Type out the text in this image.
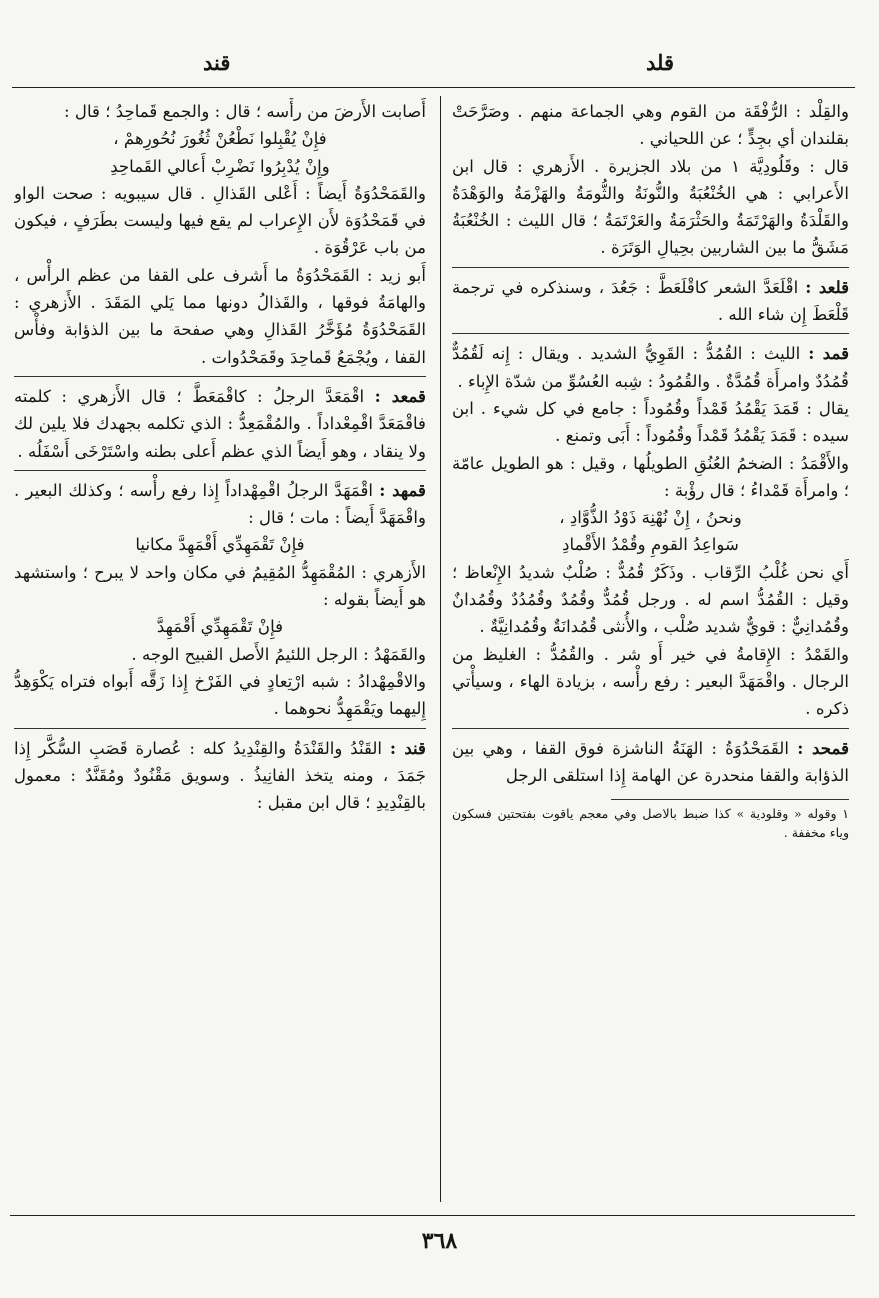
قلد
قند

والقِلْد : الرُّفْقَة من القوم وهي الجماعة منهم . وصَرَّحَتْ بقلندان أي بجِدٍّ ؛ عن اللحياني .

قال : وقَلُودِيَّة ١ من بلاد الجزيرة . الأَزهري : قال ابن الأَعرابي : هي الخُنْعُبَةُ والنُّونَةُ والثُّومَةُ والهَزْمَةُ والوَهْدَةُ والقَلْدَةُ والهَرْتَمَةُ والحَثْرَمَةُ والعَرْتَمَةُ ؛ قال الليث : الخُنْعُبَةُ مَشَقُّ ما بين الشاربين بحِيالِ الوَتَرَة .

قلعد : اقْلَعَدَّ الشعر كاقْلَعَطَّ : جَعُدَ ، وسنذكره في ترجمة قَلْعَطَ إِن شاء الله .

قمد : الليث : القُمُدُّ : القَوِيُّ الشديد . ويقال : إِنه لَقُمُدٌّ قُمُدُدٌ وامرأَة قُمُدَّةٌ . والقُمُودُ : شِبه العُسُوِّ من شدّة الإِباء .

يقال : قَمَدَ يَقْمُدُ قَمْداً وقُمُوداً : جامع في كل شيء . ابن سيده : قَمَدَ يَقْمُدُ قَمْداً وقُمُوداً : أَبَى وتمنع .

والأَقْمَدُ : الضخمُ العُنُقِ الطويلُها ، وقيل : هو الطويل عامّة ؛ وامرأَة قَمْداءُ ؛ قال رؤْبة :

ونحنُ ، إِنْ نُهْنِهَ ذَوْدُ الذُّوَّادِ ،

سَواعِدُ القومِ وقُمْدُ الأَقْمادِ

أَي نحن غُلْبُ الرِّقاب . وذَكَرٌ قُمُدٌّ : صُلْبٌ شديدُ الإِنْعاظ ؛ وقيل : القُمُدُّ اسم له . ورجل قُمُدٌّ وقُمُدٌ وقُمُدُدٌ وقُمُدانٌ وقُمُدانِيٌّ : قويٌّ شديد صُلْب ، والأُنثى قُمُدانَةٌ وقُمُدانِيَّةٌ .

والقَمْدُ : الإِقامةُ في خير أَو شر . والقُمُدُّ : الغليظ من الرجال . واقْمَهَدَّ البعير : رفع رأْسه ، بزيادة الهاء ، وسيأْتي ذكره .

قمحد : القَمَحْدُوَةُ : الهَنَةُ الناشزة فوق القفا ، وهي بين الذؤابة والقفا منحدرة عن الهامة إِذا استلقى الرجل

١ وقوله « وقلودية » كذا ضبط بالاصل وفي معجم ياقوت بفتحتين فسكون وياء مخففة .

أَصابت الأَرضَ من رأْسه ؛ قال : والجمع قَماحِدُ ؛ قال :

فإِنْ يُقْبِلوا نَطْعُنْ ثُغُورَ نُحُورِهمْ ،

وإِنْ يُدْبِرُوا نَضْرِبْ أَعالي القَماحِدِ

والقَمَحْدُوَةُ أَيضاً : أَعْلى القَذالِ . قال سيبويه : صحت الواو في قَمَحْدُوَة لأَن الإِعراب لم يقع فيها وليست بطَرَفٍ ، فيكون من باب عَرْقُوَة .

أَبو زيد : القَمَحْدُوَةُ ما أَشرف على القفا من عظم الرأْس ، والهامَةُ فوقها ، والقَذالُ دونها مما يَلي المَقَدَ . الأَزهري : القَمَحْدُوَةُ مُؤَخَّرُ القَذالِ وهي صفحة ما بين الذؤابة وفأْس القفا ، ويُجْمَعُ قَماحِدَ وقَمَحْدُوات .

قمعد : اقْمَعَدَّ الرجلُ : كاقْمَعَطَّ ؛ قال الأَزهري : كلمته فاقْمَعَدَّ اقْمِعْداداً . والمُقْمَعِدُّ : الذي تكلمه بجهدك فلا يلين لك ولا ينقاد ، وهو أَيضاً الذي عظم أَعلى بطنه واسْتَرْخَى أَسْفَلُه .

قمهد : اقْمَهَدَّ الرجلُ اقْمِهْداداً إِذا رفع رأْسه ؛ وكذلك البعير . واقْمَهَدَّ أَيضاً : مات ؛ قال :

فإِنْ تَقْمَهِدِّي أَقْمَهِدَّ مكانيا

الأَزهري : المُقْمَهِدُّ المُقِيمُ في مكان واحد لا يبرح ؛ واستشهد هو أَيضاً بقوله :

فإِنْ تَقْمَهِدِّي أَقْمَهِدَّ

والقَمَهْدُ : الرجل اللئيمُ الأَصل القبيح الوجه .

والاقْمِهْدادُ : شبه ارْتِعادٍ في الفَرْخ إِذا زَقَّه أَبواه فتراه يَكْوَهِدُّ إِليهما ويَقْمَهِدُّ نحوهما .

قند : القَنْدُ والقَنْدَةُ والقِنْدِيدُ كله : عُصارة قَصَبِ السُّكَّر إِذا جَمَدَ ، ومنه يتخذ الفانِيذُ . وسويق مَقْنُودٌ ومُقَنَّدٌ : معمول بالقِنْدِيدِ ؛ قال ابن مقبل :

٣٦٨
